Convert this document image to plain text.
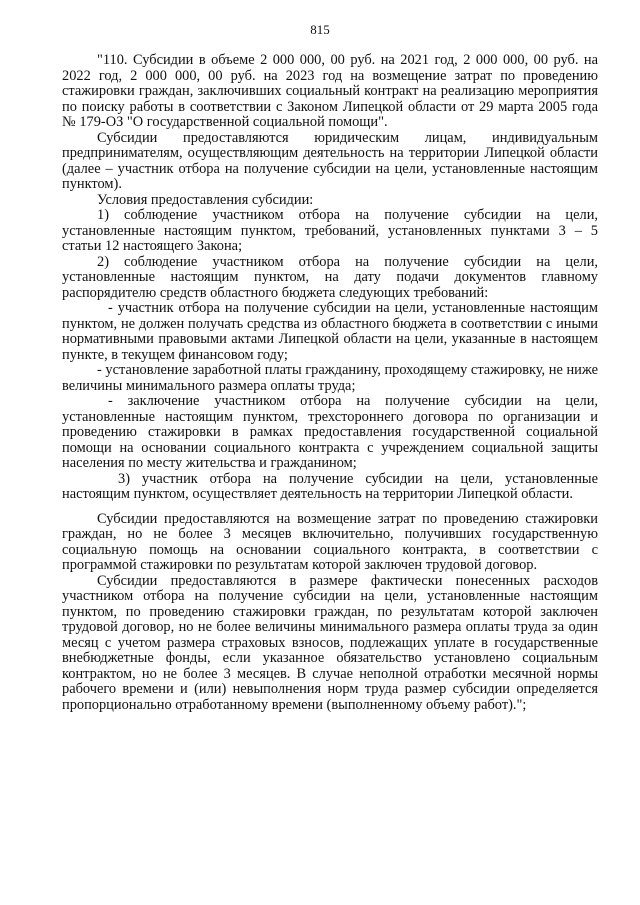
815

"110. Субсидии в объеме 2 000 000, 00 руб. на 2021 год, 2 000 000, 00 руб. на 2022 год, 2 000 000, 00 руб. на 2023 год на возмещение затрат по проведению стажировки граждан, заключивших социальный контракт на реализацию мероприятия по поиску работы в соответствии с Законом Липецкой области от 29 марта 2005 года № 179-ОЗ "О государственной социальной помощи".

Субсидии предоставляются юридическим лицам, индивидуальным предпринимателям, осуществляющим деятельность на территории Липецкой области (далее – участник отбора на получение субсидии на цели, установленные настоящим пунктом).

Условия предоставления субсидии:

1) соблюдение участником отбора на получение субсидии на цели, установленные настоящим пунктом, требований, установленных пунктами 3 – 5 статьи 12 настоящего Закона;

2) соблюдение участником отбора на получение субсидии на цели, установленные настоящим пунктом, на дату подачи документов главному распорядителю средств областного бюджета следующих требований:

- участник отбора на получение субсидии на цели, установленные настоящим пунктом, не должен получать средства из областного бюджета в соответствии с иными нормативными правовыми актами Липецкой области на цели, указанные в настоящем пункте, в текущем финансовом году;

- установление заработной платы гражданину, проходящему стажировку, не ниже величины минимального размера оплаты труда;

- заключение участником отбора на получение субсидии на цели, установленные настоящим пунктом, трехстороннего договора по организации и проведению стажировки в рамках предоставления государственной социальной помощи на основании социального контракта с учреждением социальной защиты населения по месту жительства и гражданином;

3) участник отбора на получение субсидии на цели, установленные настоящим пунктом, осуществляет деятельность на территории Липецкой области.

Субсидии предоставляются на возмещение затрат по проведению стажировки граждан, но не более 3 месяцев включительно, получивших государственную социальную помощь на основании социального контракта, в соответствии с программой стажировки по результатам которой заключен трудовой договор.

Субсидии предоставляются в размере фактически понесенных расходов участником отбора на получение субсидии на цели, установленные настоящим пунктом, по проведению стажировки граждан, по результатам которой заключен трудовой договор, но не более величины минимального размера оплаты труда за один месяц с учетом размера страховых взносов, подлежащих уплате в государственные внебюджетные фонды, если указанное обязательство установлено социальным контрактом, но не более 3 месяцев. В случае неполной отработки месячной нормы рабочего времени и (или) невыполнения норм труда размер субсидии определяется пропорционально отработанному времени (выполненному объему работ).";
